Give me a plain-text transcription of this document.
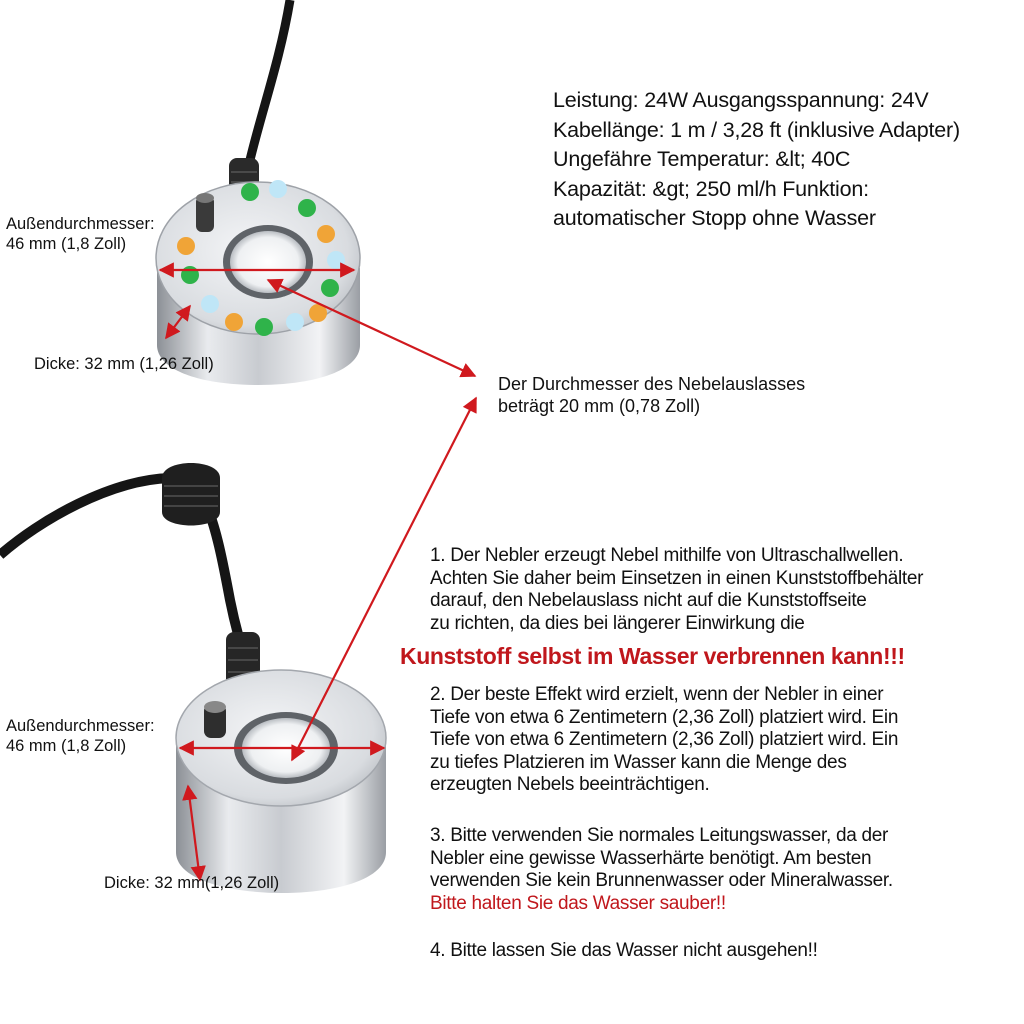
Leistung: 24W Ausgangsspannung: 24V
Kabellänge: 1 m / 3,28 ft (inklusive Adapter)
Ungefähre Temperatur: &lt; 40C
Kapazität: &gt; 250 ml/h Funktion:
automatischer Stopp ohne Wasser
Außendurchmesser:
46 mm (1,8 Zoll)
Dicke: 32 mm (1,26 Zoll)
Der Durchmesser des Nebelauslasses
beträgt 20 mm (0,78 Zoll)
Außendurchmesser:
46 mm (1,8 Zoll)
Dicke: 32 mm(1,26 Zoll)
1. Der Nebler erzeugt Nebel mithilfe von Ultraschallwellen.
Achten Sie daher beim Einsetzen in einen Kunststoffbehälter
darauf, den Nebelauslass nicht auf die Kunststoffseite
zu richten, da dies bei längerer Einwirkung die
Kunststoff selbst im Wasser verbrennen kann!!!
2. Der beste Effekt wird erzielt, wenn der Nebler in einer
Tiefe von etwa 6 Zentimetern (2,36 Zoll) platziert wird. Ein
Tiefe von etwa 6 Zentimetern (2,36 Zoll) platziert wird. Ein
zu tiefes Platzieren im Wasser kann die Menge des
erzeugten Nebels beeinträchtigen.
3. Bitte verwenden Sie normales Leitungswasser, da der
Nebler eine gewisse Wasserhärte benötigt. Am besten
verwenden Sie kein Brunnenwasser oder Mineralwasser.
Bitte halten Sie das Wasser sauber!!
4. Bitte lassen Sie das Wasser nicht ausgehen!!
